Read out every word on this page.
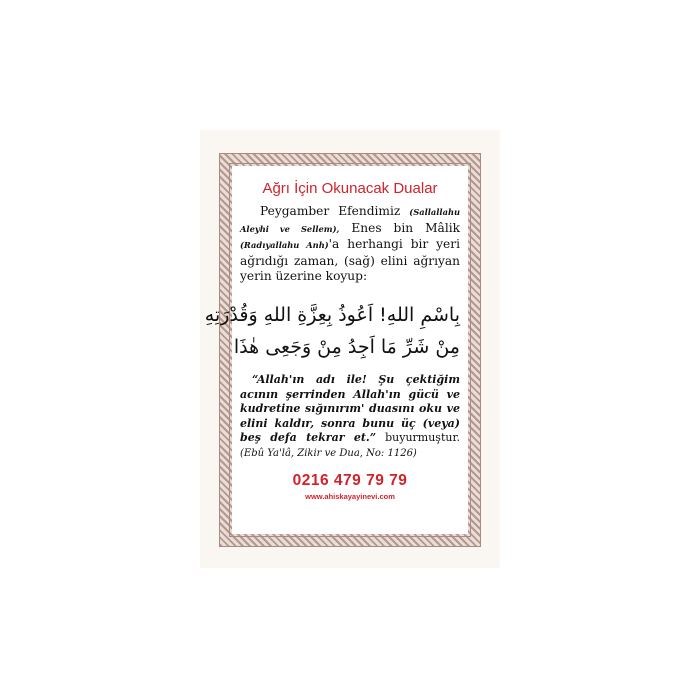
Ağrı İçin Okunacak Dualar

Peygamber Efendimiz (Sallallahu Aleyhi ve Sellem), Enes bin Mâlik (Radıyallahu Anh)'a herhangi bir yeri ağrıdığı zaman, (sağ) elini ağrıyan yerin üzerine koyup:

بِاسْمِ اللهِ! اَعُوذُ بِعِزَّةِ اللهِ وَقُدْرَتِهِ
مِنْ شَرِّ مَا اَجِدُ مِنْ وَجَعِى هٰذَا

“Allah'ın adı ile! Şu çektiğim acının şerrinden Allah'ın gücü ve kudretine sığınırım' duasını oku ve elini kaldır, sonra bunu üç (veya) beş defa tekrar et.” buyurmuştur. (Ebû Ya'lâ, Zikir ve Dua, No: 1126)

0216 479 79 79
www.ahiskayayinevi.com
